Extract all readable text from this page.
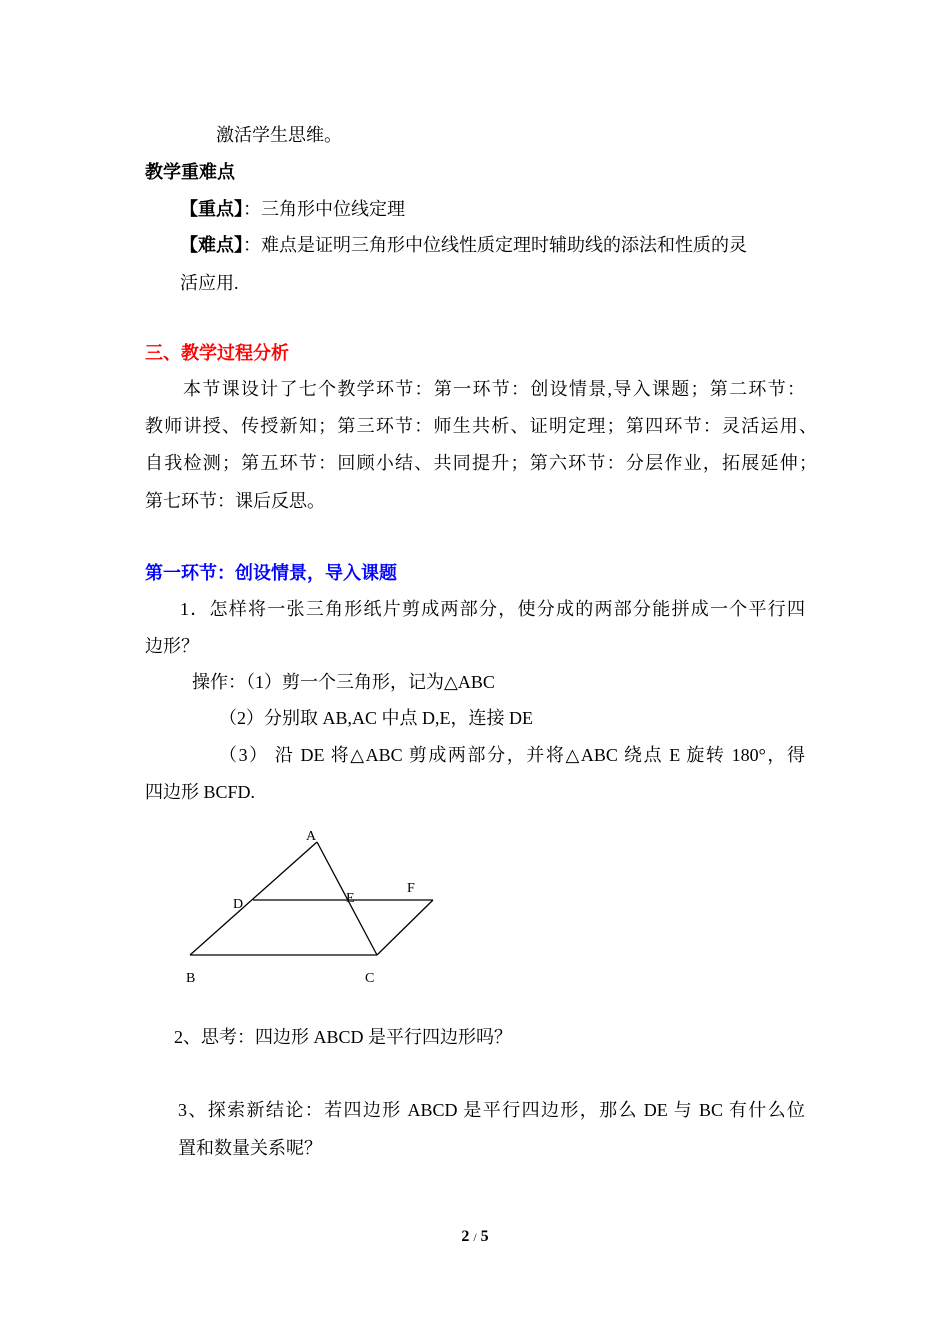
激活学生思维。
教学重难点
【重点】：三角形中位线定理
【难点】：难点是证明三角形中位线性质定理时辅助线的添法和性质的灵
活应用.
三、教学过程分析
本节课设计了七个教学环节：第一环节：创设情景,导入课题；第二环节：
教师讲授、传授新知；第三环节：师生共析、证明定理；第四环节：灵活运用、
自我检测；第五环节：回顾小结、共同提升；第六环节：分层作业，拓展延伸；
第七环节：课后反思。
第一环节：创设情景，导入课题
1．怎样将一张三角形纸片剪成两部分，使分成的两部分能拼成一个平行四
边形？
操作：（1）剪一个三角形，记为△ABC
（2）分别取 AB,AC 中点 D,E，连接 DE
（3） 沿 DE 将△ABC 剪成两部分，并将△ABC 绕点 E 旋转 180°，得
四边形 BCFD.
A
D	E
F
B	C
2、思考：四边形 ABCD 是平行四边形吗？
3、探索新结论：若四边形 ABCD 是平行四边形，那么 DE 与 BC 有什么位
置和数量关系呢？
2 / 5
